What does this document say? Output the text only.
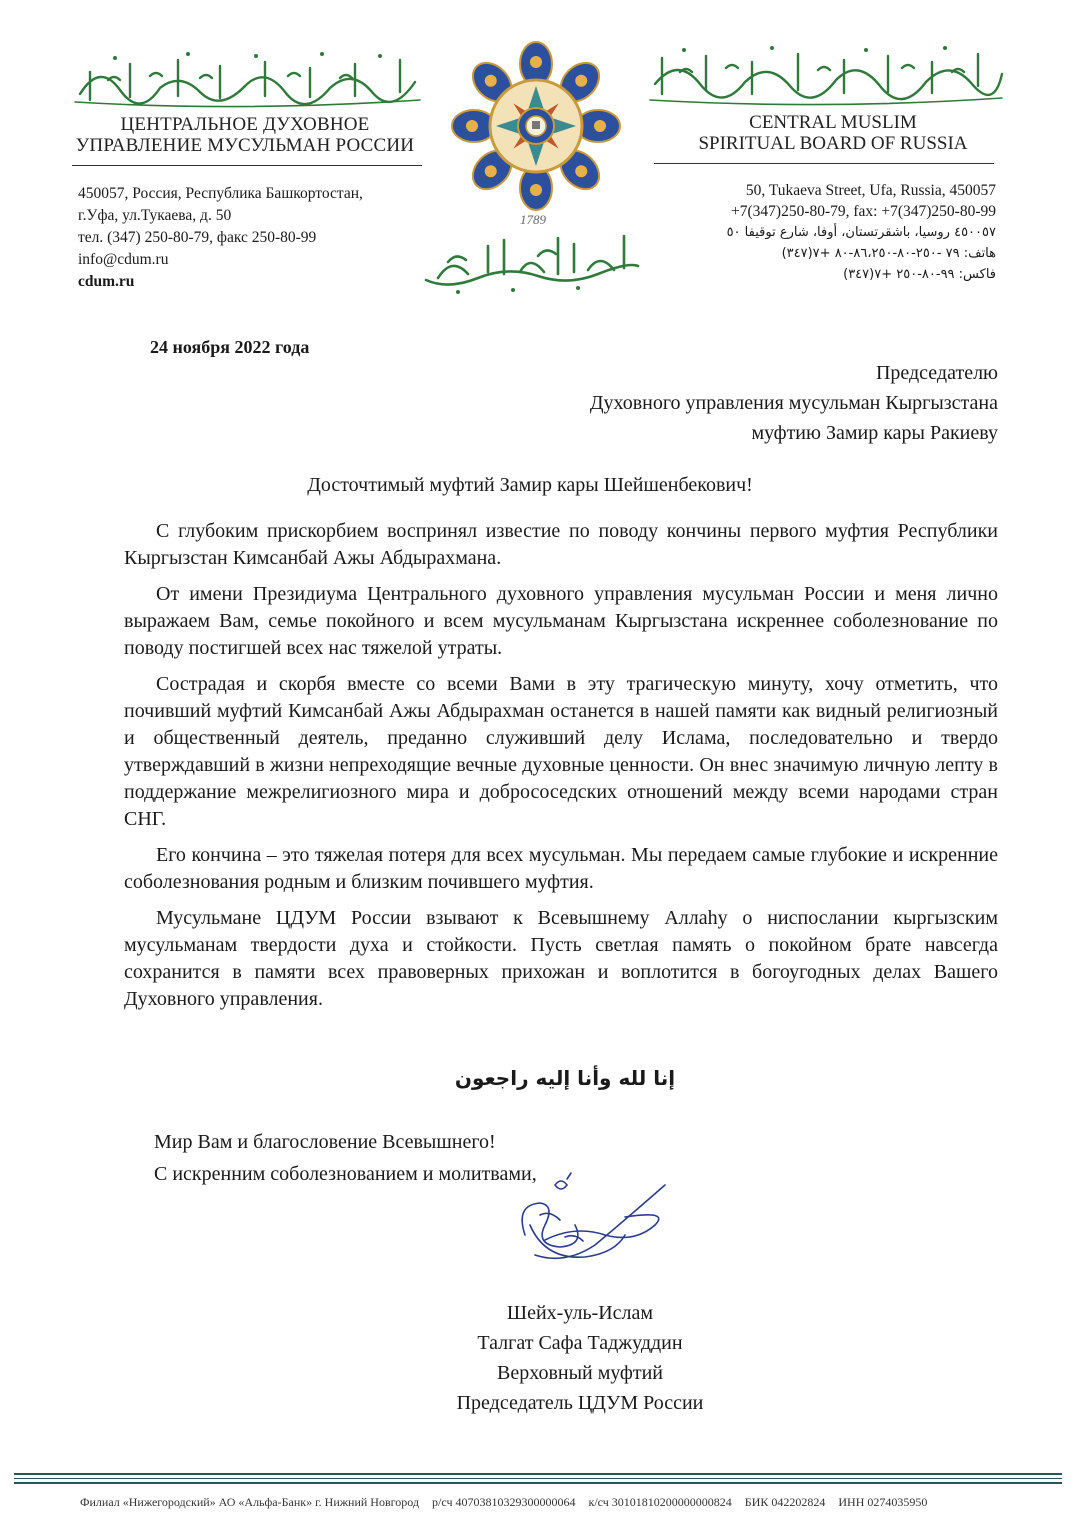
ЦЕНТРАЛЬНОЕ ДУХОВНОЕ
УПРАВЛЕНИЕ МУСУЛЬМАН РОССИИ
CENTRAL MUSLIM
SPIRITUAL BOARD OF RUSSIA
450057, Россия, Республика Башкортостан,
г.Уфа, ул.Тукаева, д. 50
тел. (347) 250-80-79, факс 250-80-99
info@cdum.ru
cdum.ru
50, Tukaeva Street, Ufa, Russia, 450057
+7(347)250-80-79, fax: +7(347)250-80-99
٤٥٠٠٥٧ روسيا، باشقرتستان، أوفا، شارع توقيفا ٥٠
هاتف: ٧٩ -٢٥٠-٨٠-٨٦،٢٥٠-٨٠ +٧(٣٤٧)
فاكس: ٩٩-٨٠-٢٥٠ +٧(٣٤٧)
1789
24 ноября 2022 года
Председателю
Духовного управления мусульман Кыргызстана
муфтию Замир кары Ракиеву
Досточтимый муфтий Замир кары Шейшенбекович!

С глубоким прискорбием воспринял известие по поводу кончины первого муфтия Республики Кыргызстан Кимсанбай Ажы Абдырахмана.

От имени Президиума Центрального духовного управления мусульман России и меня лично выражаем Вам, семье покойного и всем мусульманам Кыргызстана искреннее соболезнование по поводу постигшей всех нас тяжелой утраты.

Сострадая и скорбя вместе со всеми Вами в эту трагическую минуту, хочу отметить, что почивший муфтий Кимсанбай Ажы Абдырахман останется в нашей памяти как видный религиозный и общественный деятель, преданно служивший делу Ислама, последовательно и твердо утверждавший в жизни непреходящие вечные духовные ценности. Он внес значимую личную лепту в поддержание межрелигиозного мира и добрососедских отношений между всеми народами стран СНГ.

Его кончина – это тяжелая потеря для всех мусульман. Мы передаем самые глубокие и искренние соболезнования родным и близким почившего муфтия.

Мусульмане ЦДУМ России взывают к Всевышнему Аллаhу о ниспослании кыргызским мусульманам твердости духа и стойкости. Пусть светлая память о покойном брате навсегда сохранится в памяти всех правоверных прихожан и воплотится в богоугодных делах Вашего Духовного управления.

إنا لله وأنا إليه راجعون
Мир Вам и благословение Всевышнего!
С искренним соболезнованием и молитвами,
Шейх-уль-Ислам
Талгат Сафа Таджуддин
Верховный муфтий
Председатель ЦДУМ России
Филиал «Нижегородский» АО «Альфа-Банк» г. Нижний Новгород р/сч 40703810329300000064 к/сч 30101810200000000824 БИК 042202824 ИНН 0274035950
